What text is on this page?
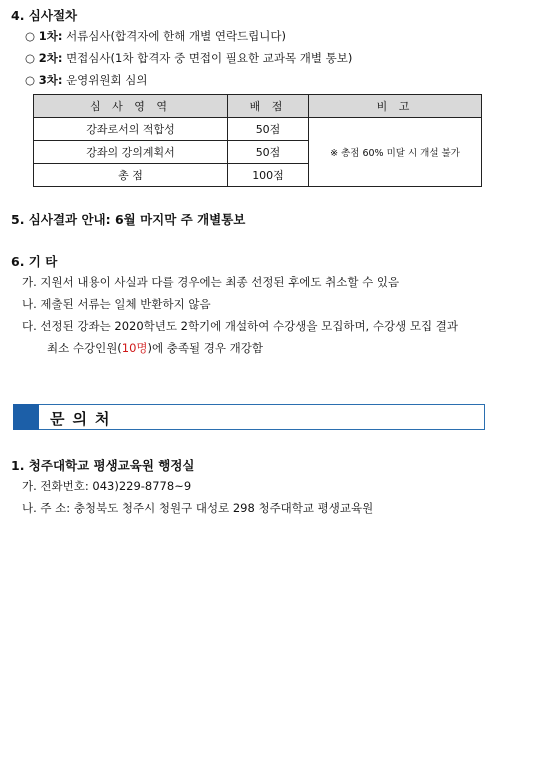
4. 심사절차
○ 1차: 서류심사(합격자에 한해 개별 연락드립니다)
○ 2차: 면접심사(1차 합격자 중 면접이 필요한 교과목 개별 통보)
○ 3차: 운영위원회 심의
심 사 영 역	배 점	비 고
강좌로서의 적합성	50점	※ 총점 60% 미달 시 개설 불가
강좌의 강의계획서	50점	
총 점	100점	
5. 심사결과 안내: 6월 마지막 주 개별통보
6. 기 타
가. 지원서 내용이 사실과 다를 경우에는 최종 선정된 후에도 취소할 수 있음
나. 제출된 서류는 일체 반환하지 않음
다. 선정된 강좌는 2020학년도 2학기에 개설하여 수강생을 모집하며, 수강생 모집 결과
최소 수강인원(10명)에 충족될 경우 개강함
문의처
1. 청주대학교 평생교육원 행정실
가. 전화번호: 043)229-8778~9
나. 주 소: 충청북도 청주시 청원구 대성로 298 청주대학교 평생교육원
